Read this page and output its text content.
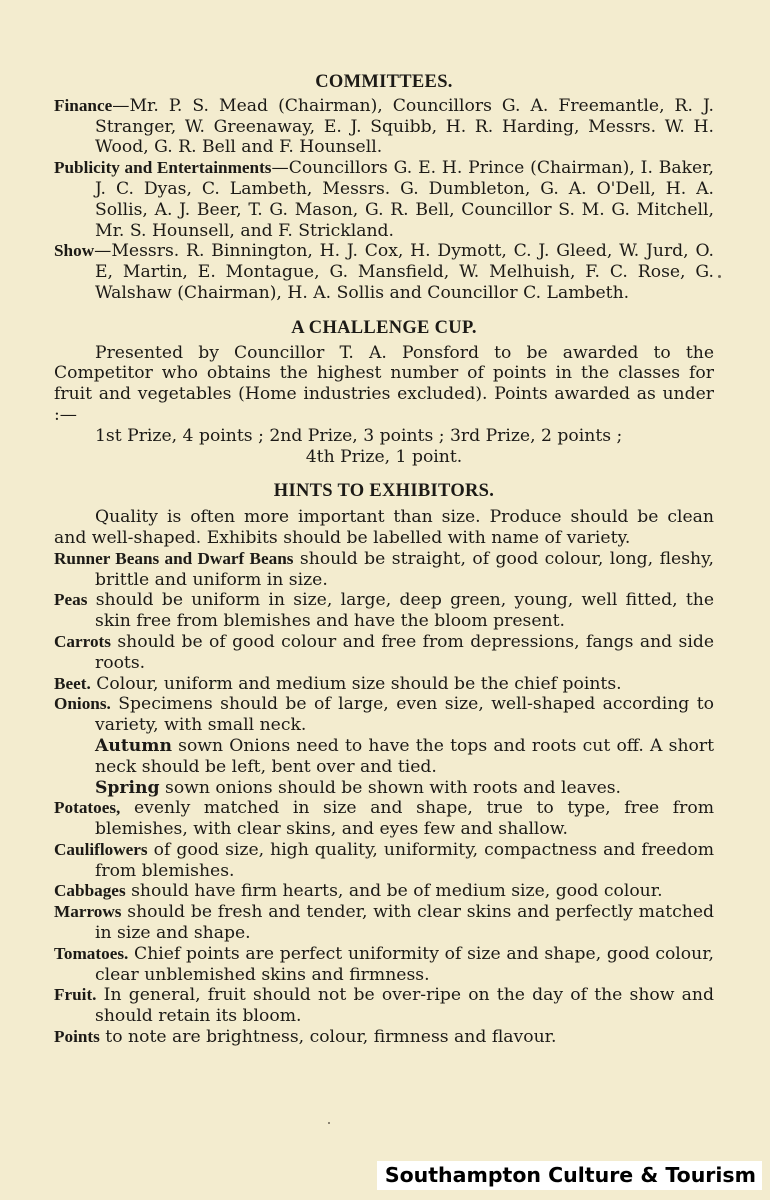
COMMITTEES.
Finance—Mr. P. S. Mead (Chairman), Councillors G. A. Freemantle, R. J. Stranger, W. Greenaway, E. J. Squibb, H. R. Harding, Messrs. W. H. Wood, G. R. Bell and F. Hounsell.
Publicity and Entertainments—Councillors G. E. H. Prince (Chairman), I. Baker, J. C. Dyas, C. Lambeth, Messrs. G. Dumbleton, G. A. O'Dell, H. A. Sollis, A. J. Beer, T. G. Mason, G. R. Bell, Councillor S. M. G. Mitchell, Mr. S. Hounsell, and F. Strickland.
Show—Messrs. R. Binnington, H. J. Cox, H. Dymott, C. J. Gleed, W. Jurd, O. E, Martin, E. Montague, G. Mansfield, W. Melhuish, F. C. Rose, G. Walshaw (Chairman), H. A. Sollis and Councillor C. Lambeth.
A CHALLENGE CUP.
Presented by Councillor T. A. Ponsford to be awarded to the Competitor who obtains the highest number of points in the classes for fruit and vegetables (Home industries excluded). Points awarded as under :—
1st Prize, 4 points ; 2nd Prize, 3 points ; 3rd Prize, 2 points ;
4th Prize, 1 point.
HINTS TO EXHIBITORS.
Quality is often more important than size. Produce should be clean and well-shaped. Exhibits should be labelled with name of variety.
Runner Beans and Dwarf Beans should be straight, of good colour, long, fleshy, brittle and uniform in size.
Peas should be uniform in size, large, deep green, young, well fitted, the skin free from blemishes and have the bloom present.
Carrots should be of good colour and free from depressions, fangs and side roots.
Beet. Colour, uniform and medium size should be the chief points.
Onions. Specimens should be of large, even size, well-shaped according to variety, with small neck.
Autumn sown Onions need to have the tops and roots cut off. A short neck should be left, bent over and tied.
Spring sown onions should be shown with roots and leaves.
Potatoes, evenly matched in size and shape, true to type, free from blemishes, with clear skins, and eyes few and shallow.
Cauliflowers of good size, high quality, uniformity, compactness and freedom from blemishes.
Cabbages should have firm hearts, and be of medium size, good colour.
Marrows should be fresh and tender, with clear skins and perfectly matched in size and shape.
Tomatoes. Chief points are perfect uniformity of size and shape, good colour, clear unblemished skins and firmness.
Fruit. In general, fruit should not be over-ripe on the day of the show and should retain its bloom.
Points to note are brightness, colour, firmness and flavour.
Southampton Culture & Tourism
